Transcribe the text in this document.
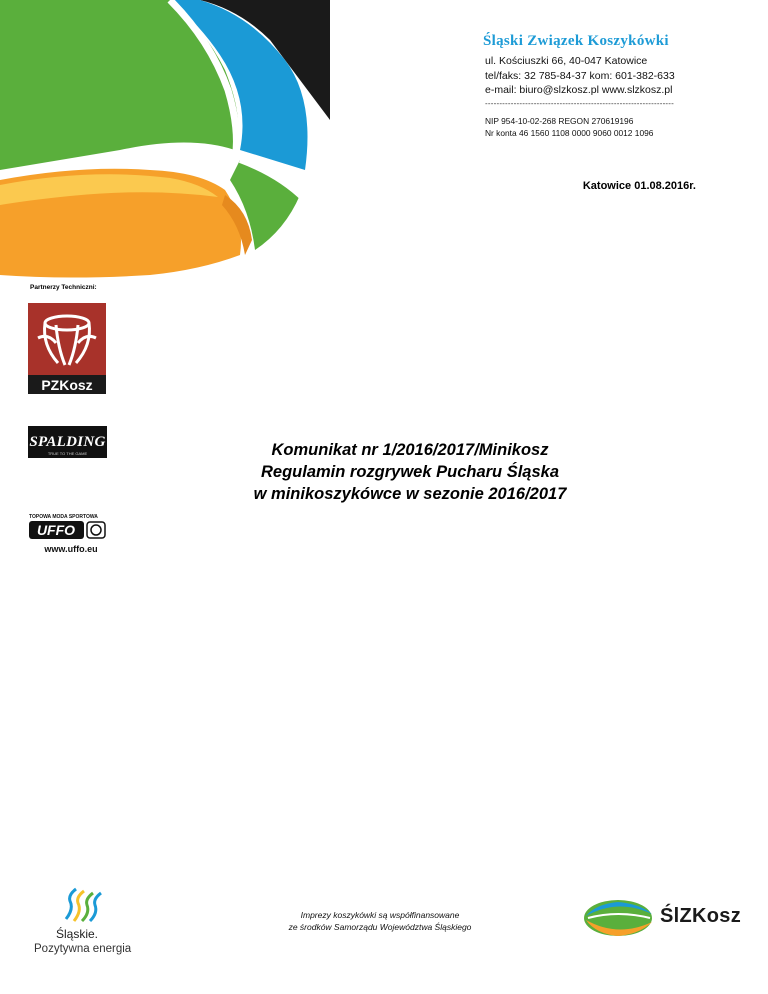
Śląski Związek Koszykówki
ul. Kościuszki 66, 40-047 Katowice
tel/faks: 32 785-84-37 kom: 601-382-633
e-mail: biuro@slzkosz.pl www.slzkosz.pl
------------------------------------------------------------------
NIP 954-10-02-268 REGON 270619196
Nr konta 46 1560 1108 0000 9060 0012 1096
Katowice 01.08.2016r.
Partnerzy Techniczni:
PZKosz
SPALDING
TRUE TO THE GAME
TOPOWA MODA SPORTOWA
UFFO
www.uffo.eu
Komunikat nr 1/2016/2017/Minikosz
Regulamin rozgrywek Pucharu Śląska
w minikoszykówce w sezonie 2016/2017
Śląskie.
Pozytywna energia
Imprezy koszykówki są współfinansowane
ze środków Samorządu Województwa Śląskiego	ŚlZKosz
